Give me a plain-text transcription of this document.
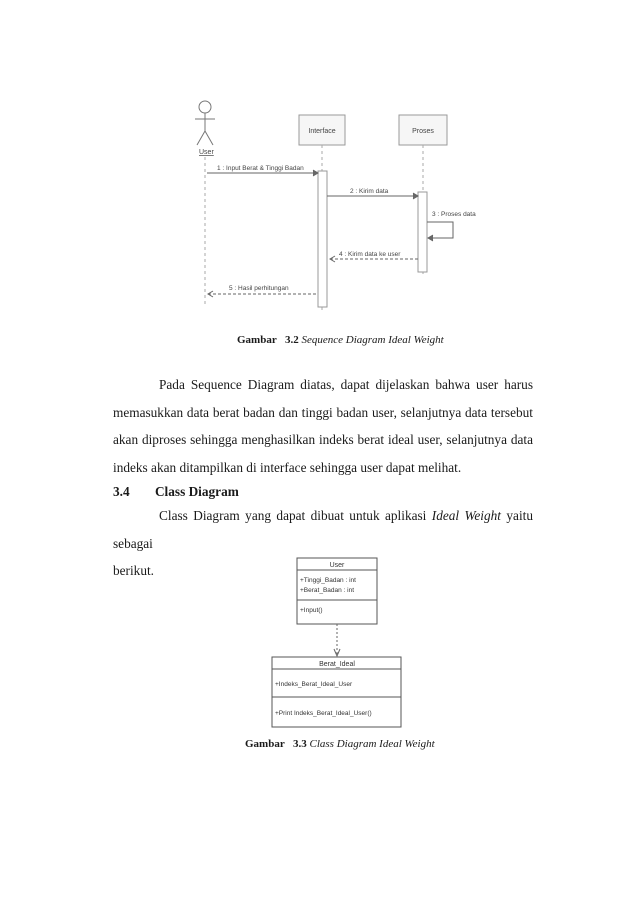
User
Interface	Proses
1 : Input Berat & Tinggi Badan
2 : Kirim data
3 : Proses data
4 : Kirim data ke user
5 : Hasil perhitungan
Gambar 3.2 Sequence Diagram Ideal Weight
Pada Sequence Diagram diatas, dapat dijelaskan bahwa user harus
memasukkan data berat badan dan tinggi badan user, selanjutnya data tersebut
akan diproses sehingga menghasilkan indeks berat ideal user, selanjutnya data
indeks akan ditampilkan di interface sehingga user dapat melihat.
3.4 Class Diagram
Class Diagram yang dapat dibuat untuk aplikasi Ideal Weight yaitu sebagai
berikut.	User
+Tinggi_Badan : int
+Berat_Badan : int
+Input()
Berat_Ideal
+Indeks_Berat_Ideal_User
+Print Indeks_Berat_Ideal_User()
Gambar 3.3 Class Diagram Ideal Weight
